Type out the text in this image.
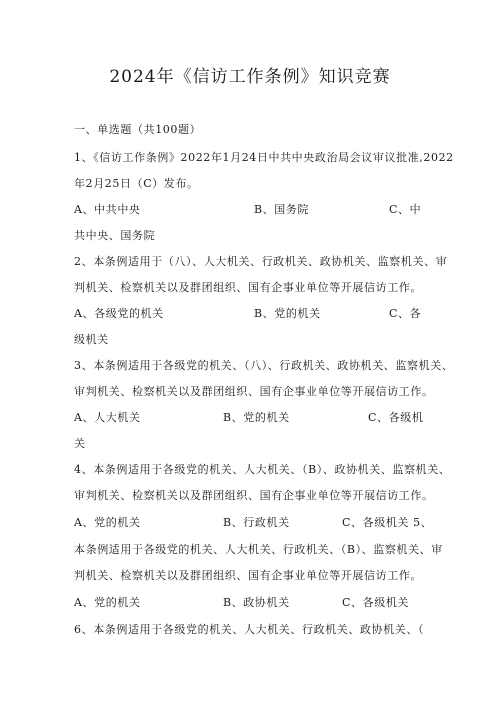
2024年《信访工作条例》知识竞赛
一、单选题（共100题）
1、《信访工作条例》2022年1月24日中共中央政治局会议审议批准,2022
年2月25日（C）发布。
A、中共中央	B、国务院	C、中
共中央、国务院
2、本条例适用于（八）、人大机关、行政机关、政协机关、监察机关、审
判机关、检察机关以及群团组织、国有企事业单位等开展信访工作。
A、各级党的机关	B、党的机关	C、各
级机关
3、本条例适用于各级党的机关、（八）、行政机关、政协机关、监察机关、
审判机关、检察机关以及群团组织、国有企事业单位等开展信访工作。
A、人大机关	B、党的机关	C、各级机
关
4、本条例适用于各级党的机关、人大机关、（B）、政协机关、监察机关、
审判机关、检察机关以及群团组织、国有企事业单位等开展信访工作。
A、党的机关	B、行政机关	C、各级机关 5、
本条例适用于各级党的机关、人大机关、行政机关、（B）、监察机关、审
判机关、检察机关以及群团组织、国有企事业单位等开展信访工作。
A、党的机关	B、政协机关	C、各级机关
6、本条例适用于各级党的机关、人大机关、行政机关、政协机关、（
